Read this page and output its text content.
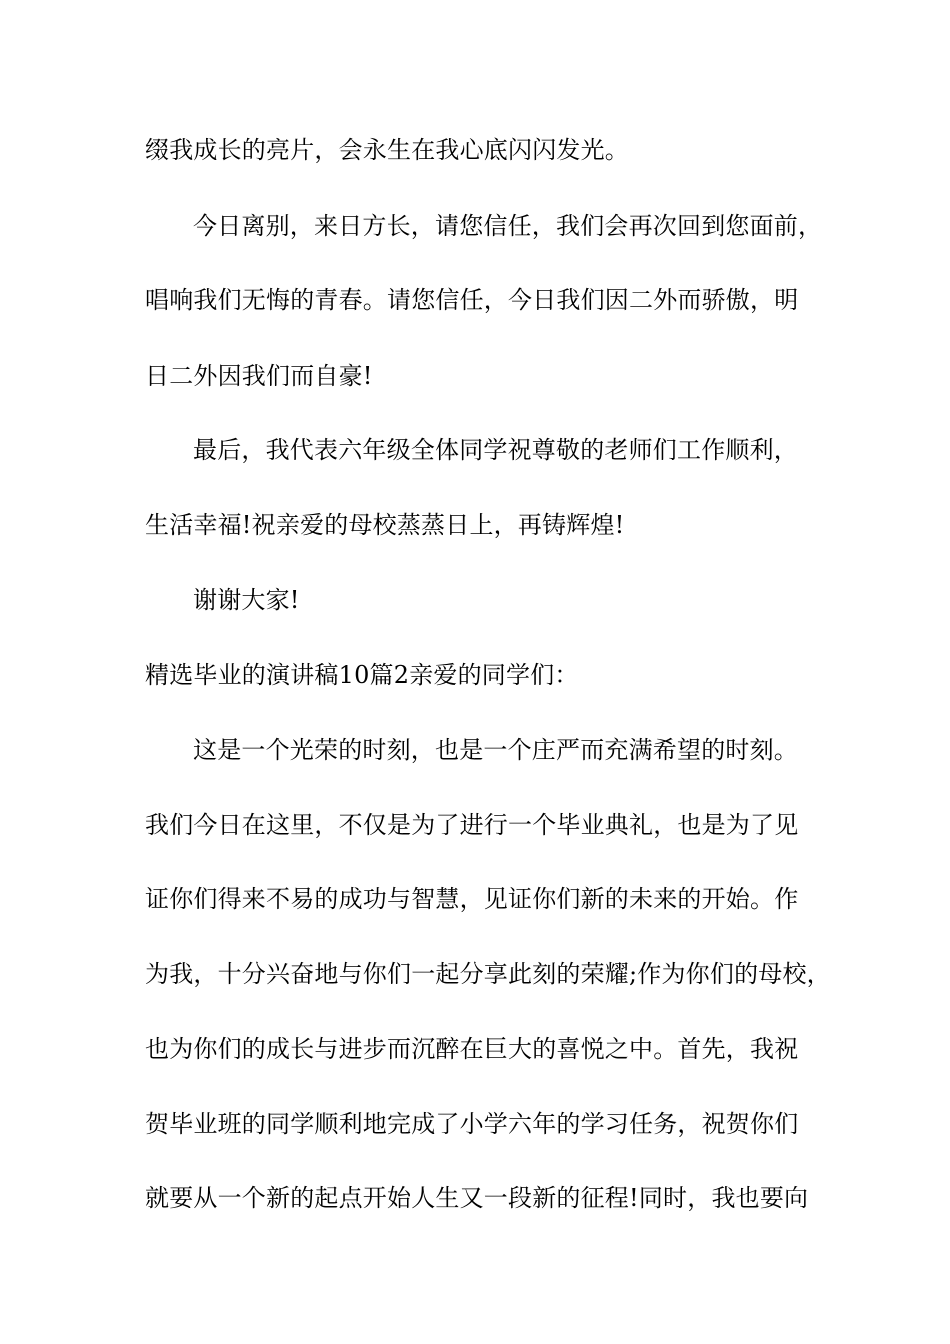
缀我成长的亮片，会永生在我心底闪闪发光。
今日离别，来日方长，请您信任，我们会再次回到您面前，
唱响我们无悔的青春。请您信任，今日我们因二外而骄傲，明
日二外因我们而自豪!
最后，我代表六年级全体同学祝尊敬的老师们工作顺利，
生活幸福!祝亲爱的母校蒸蒸日上，再铸辉煌!
谢谢大家!
精选毕业的演讲稿10篇2亲爱的同学们：
这是一个光荣的时刻，也是一个庄严而充满希望的时刻。
我们今日在这里，不仅是为了进行一个毕业典礼，也是为了见
证你们得来不易的成功与智慧，见证你们新的未来的开始。作
为我，十分兴奋地与你们一起分享此刻的荣耀;作为你们的母校，
也为你们的成长与进步而沉醉在巨大的喜悦之中。首先，我祝
贺毕业班的同学顺利地完成了小学六年的学习任务，祝贺你们
就要从一个新的起点开始人生又一段新的征程!同时，我也要向
